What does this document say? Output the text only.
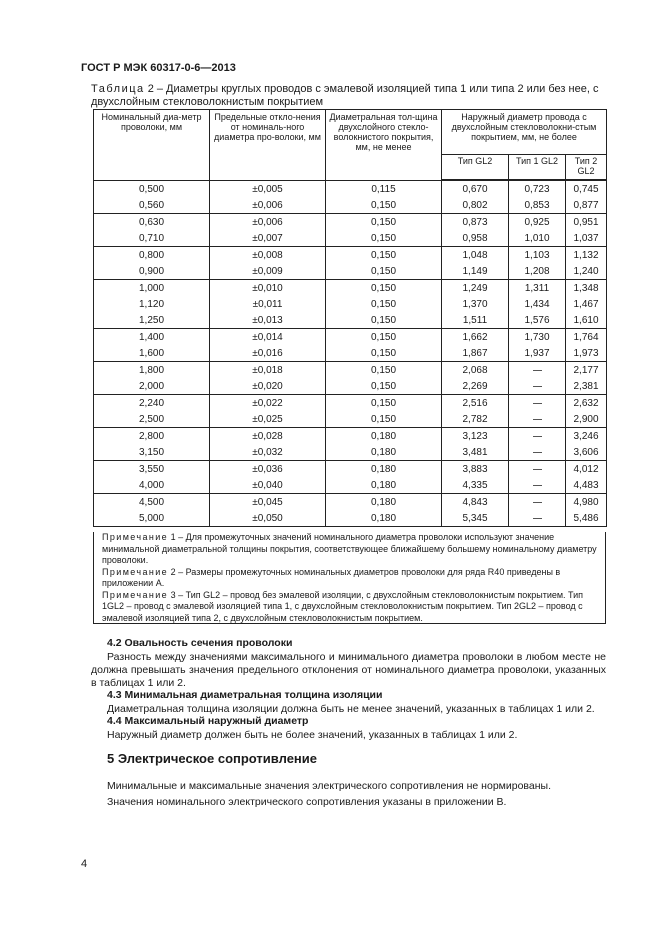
ГОСТ Р МЭК 60317-0-6—2013
Таблица 2 – Диаметры круглых проводов с эмалевой изоляцией типа 1 или типа 2 или без нее, с двухслойным стекловолокнистым покрытием
Номинальный диа-метр проволоки, мм	Предельные откло-нения от номиналь-ного диаметра про-волоки, мм	Диаметральная тол-щина двухслойного стекло-волокнистого покрытия, мм, не менее	Наружный диаметр провода с двухслойным стекловолокни-стым покрытием, мм, не более		
			Тип GL2	Тип 1 GL2	Тип 2 GL2
0,500	±0,005	0,115	0,670	0,723	0,745
0,560	±0,006	0,150	0,802	0,853	0,877
0,630	±0,006	0,150	0,873	0,925	0,951
0,710	±0,007	0,150	0,958	1,010	1,037
0,800	±0,008	0,150	1,048	1,103	1,132
0,900	±0,009	0,150	1,149	1,208	1,240
1,000	±0,010	0,150	1,249	1,311	1,348
1,120	±0,011	0,150	1,370	1,434	1,467
1,250	±0,013	0,150	1,511	1,576	1,610
1,400	±0,014	0,150	1,662	1,730	1,764
1,600	±0,016	0,150	1,867	1,937	1,973
1,800	±0,018	0,150	2,068		2,177
2,000	±0,020	0,150	2,269		2,381
2,240	±0,022	0,150	2,516		2,632
2,500	±0,025	0,150	2,782		2,900
2,800	±0,028	0,180	3,123		3,246
3,150	±0,032	0,180	3,481		3,606
3,550	±0,036	0,180	3,883		4,012
4,000	±0,040	0,180	4,335		4,483
4,500	±0,045	0,180	4,843		4,980
5,000	±0,050	0,180	5,345		5,486
Примечание 1 – Для промежуточных значений номинального диаметра проволоки используют значение минимальной диаметральной толщины покрытия, соответствующее ближайшему большему номинальному диаметру проволоки.
Примечание 2 – Размеры промежуточных номинальных диаметров проволоки для ряда R40 приведены в приложении А.
Примечание 3 – Тип GL2 – провод без эмалевой изоляции, с двухслойным стекловолокнистым покрытием. Тип 1GL2 – провод с эмалевой изоляцией типа 1, с двухслойным стекловолокнистым покрытием. Тип 2GL2 – провод с эмалевой изоляцией типа 2, с двухслойным стекловолокнистым покрытием.
4.2 Овальность сечения проволоки
Разность между значениями максимального и минимального диаметра проволоки в любом месте не должна превышать значения предельного отклонения от номинального диаметра проволоки, указанных в таблицах 1 или 2.
4.3 Минимальная диаметральная толщина изоляции
Диаметральная толщина изоляции должна быть не менее значений, указанных в таблицах 1 или 2.
4.4 Максимальный наружный диаметр
Наружный диаметр должен быть не более значений, указанных в таблицах 1 или 2.
5 Электрическое сопротивление
Минимальные и максимальные значения электрического сопротивления не нормированы.
Значения номинального электрического сопротивления указаны в приложении В.
4
